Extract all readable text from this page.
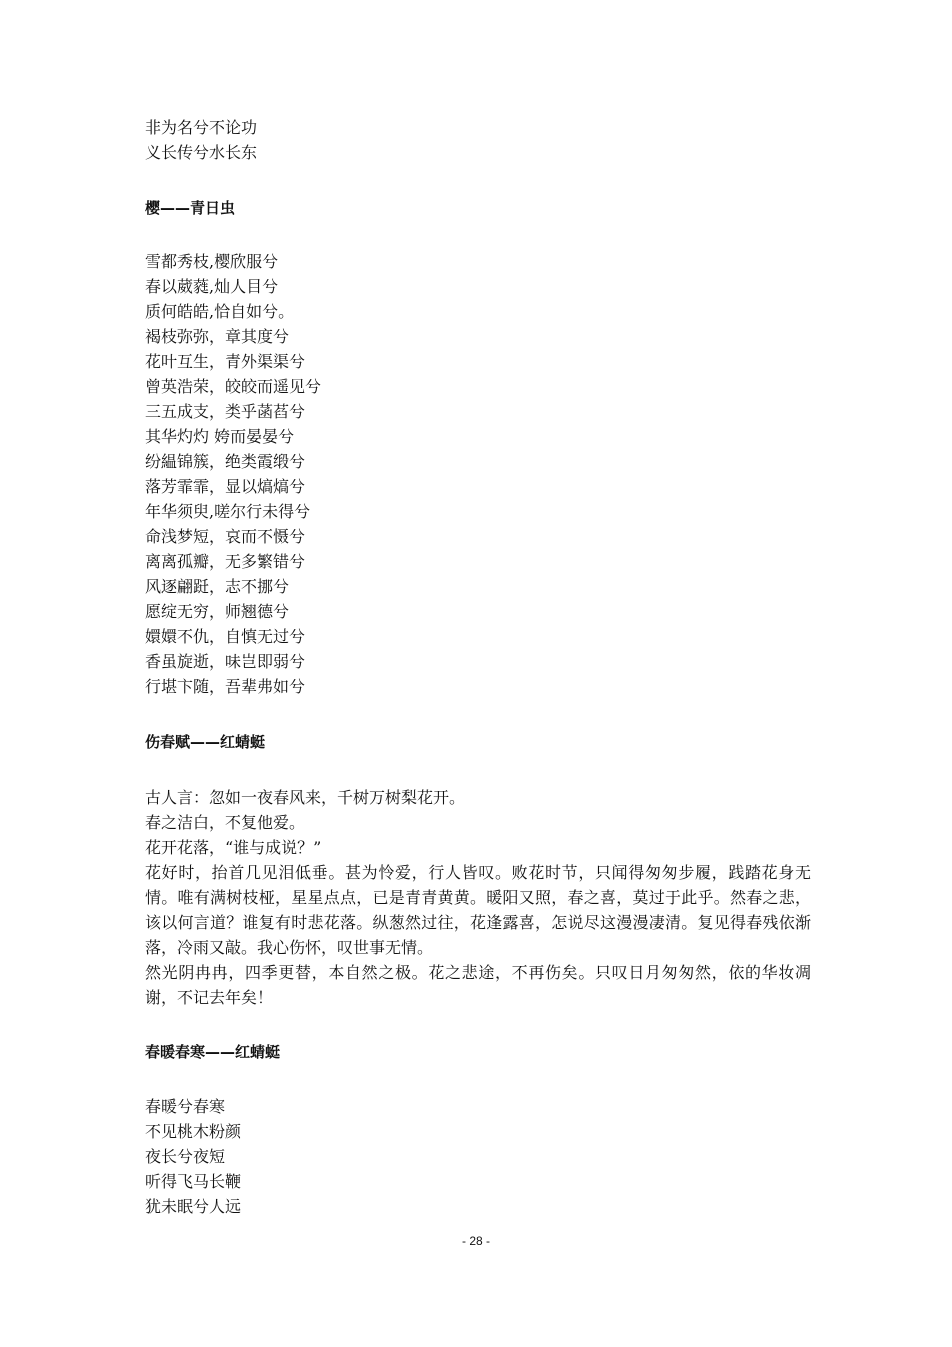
非为名兮不论功

义长传兮水长东

樱——青日虫

雪都秀枝,樱欣服兮

春以葳蕤,灿人目兮

质何皓皓,恰自如兮。

褐枝弥弥，章其度兮

花叶互生，青外渠渠兮

曾英浩荣，皎皎而遥见兮

三五成支，类乎菡萏兮

其华灼灼 姱而晏晏兮

纷緼锦簇，绝类霞缎兮

落芳霏霏，显以熇熇兮

年华须臾,嗟尔行未得兮

命浅梦短，哀而不慑兮

离离孤瓣，无多繁错兮

风逐翩跹，志不挪兮

愿绽无穷，师翘德兮

嬛嬛不仇，自慎无过兮

香虽旋逝，味岂即弱兮

行堪卞随，吾辈弗如兮

伤春赋——红蜻蜓

古人言：忽如一夜春风来，千树万树梨花开。

春之洁白，不复他爱。

花开花落，“谁与成说？”

花好时，抬首几见泪低垂。甚为怜爱，行人皆叹。败花时节，只闻得匆匆步履，践踏花身无情。唯有满树枝桠，星星点点，已是青青黄黄。暖阳又照，春之喜，莫过于此乎。然春之悲，该以何言道？谁复有时悲花落。纵葱然过往，花逢露喜，怎说尽这漫漫凄清。复见得春残依渐落，冷雨又敲。我心伤怀，叹世事无情。

然光阴冉冉，四季更替，本自然之极。花之悲途，不再伤矣。只叹日月匆匆然，依的华妆凋谢，不记去年矣！

春暖春寒——红蜻蜓

春暖兮春寒

不见桃木粉颜

夜长兮夜短

听得飞马长鞭

犹未眠兮人远

- 28 -
